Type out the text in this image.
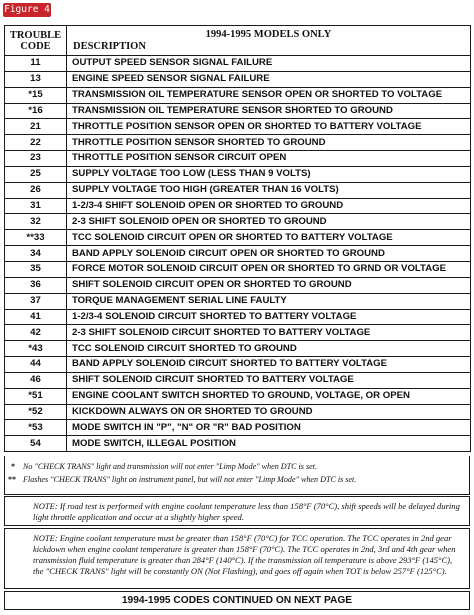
Figure 4
TROUBLE
CODE	1994-1995 MODELS ONLY
DESCRIPTION

11	OUTPUT SPEED SENSOR SIGNAL FAILURE
13	ENGINE SPEED SENSOR SIGNAL FAILURE
*15	TRANSMISSION OIL TEMPERATURE SENSOR OPEN OR SHORTED TO VOLTAGE
*16	TRANSMISSION OIL TEMPERATURE SENSOR SHORTED TO GROUND
21	THROTTLE POSITION SENSOR OPEN OR SHORTED TO BATTERY VOLTAGE
22	THROTTLE POSITION SENSOR SHORTED TO GROUND
23	THROTTLE POSITION SENSOR CIRCUIT OPEN
25	SUPPLY VOLTAGE TOO LOW (LESS THAN 9 VOLTS)
26	SUPPLY VOLTAGE TOO HIGH (GREATER THAN 16 VOLTS)
31	1-2/3-4 SHIFT SOLENOID OPEN OR SHORTED TO GROUND
32	2-3 SHIFT SOLENOID OPEN OR SHORTED TO GROUND
**33	TCC SOLENOID CIRCUIT OPEN OR SHORTED TO BATTERY VOLTAGE
34	BAND APPLY SOLENOID CIRCUIT OPEN OR SHORTED TO GROUND
35	FORCE MOTOR SOLENOID CIRCUIT OPEN OR SHORTED TO GRND OR VOLTAGE
36	SHIFT SOLENOID CIRCUIT OPEN OR SHORTED TO GROUND
37	TORQUE MANAGEMENT SERIAL LINE FAULTY
41	1-2/3-4 SOLENOID CIRCUIT SHORTED TO BATTERY VOLTAGE
42	2-3 SHIFT SOLENOID CIRCUIT SHORTED TO BATTERY VOLTAGE
*43	TCC SOLENOID CIRCUIT SHORTED TO GROUND
44	BAND APPLY SOLENOID CIRCUIT SHORTED TO BATTERY VOLTAGE
46	SHIFT SOLENOID CIRCUIT SHORTED TO BATTERY VOLTAGE
*51	ENGINE COOLANT SWITCH SHORTED TO GROUND, VOLTAGE, OR OPEN
*52	KICKDOWN ALWAYS ON OR SHORTED TO GROUND
*53	MODE SWITCH IN "P", "N" OR "R" BAD POSITION
54	MODE SWITCH, ILLEGAL POSITION
* No "CHECK TRANS" light and transmission will not enter "Limp Mode" when DTC is set.
** Flashes "CHECK TRANS" light on instrument panel, but will not enter "Limp Mode" when DTC is set.
NOTE: If road test is performed with engine coolant temperature less than 158°F (70°C), shift speeds will be delayed during light throttle application and occur at a slightly higher speed.
NOTE: Engine coolant temperature must be greater than 158°F (70°C) for TCC operation. The TCC operates in 2nd gear kickdown when engine coolant temperature is greater than 158°F (70°C). The TCC operates in 2nd, 3rd and 4th gear when transmission fluid temperature is greater than 284°F (140°C). If the transmission oil temperature is above 293°F (145°C), the "CHECK TRANS" light will be constantly ON (Not Flashing), and goes off again when TOT is below 257°F (125°C).
1994-1995 CODES CONTINUED ON NEXT PAGE
